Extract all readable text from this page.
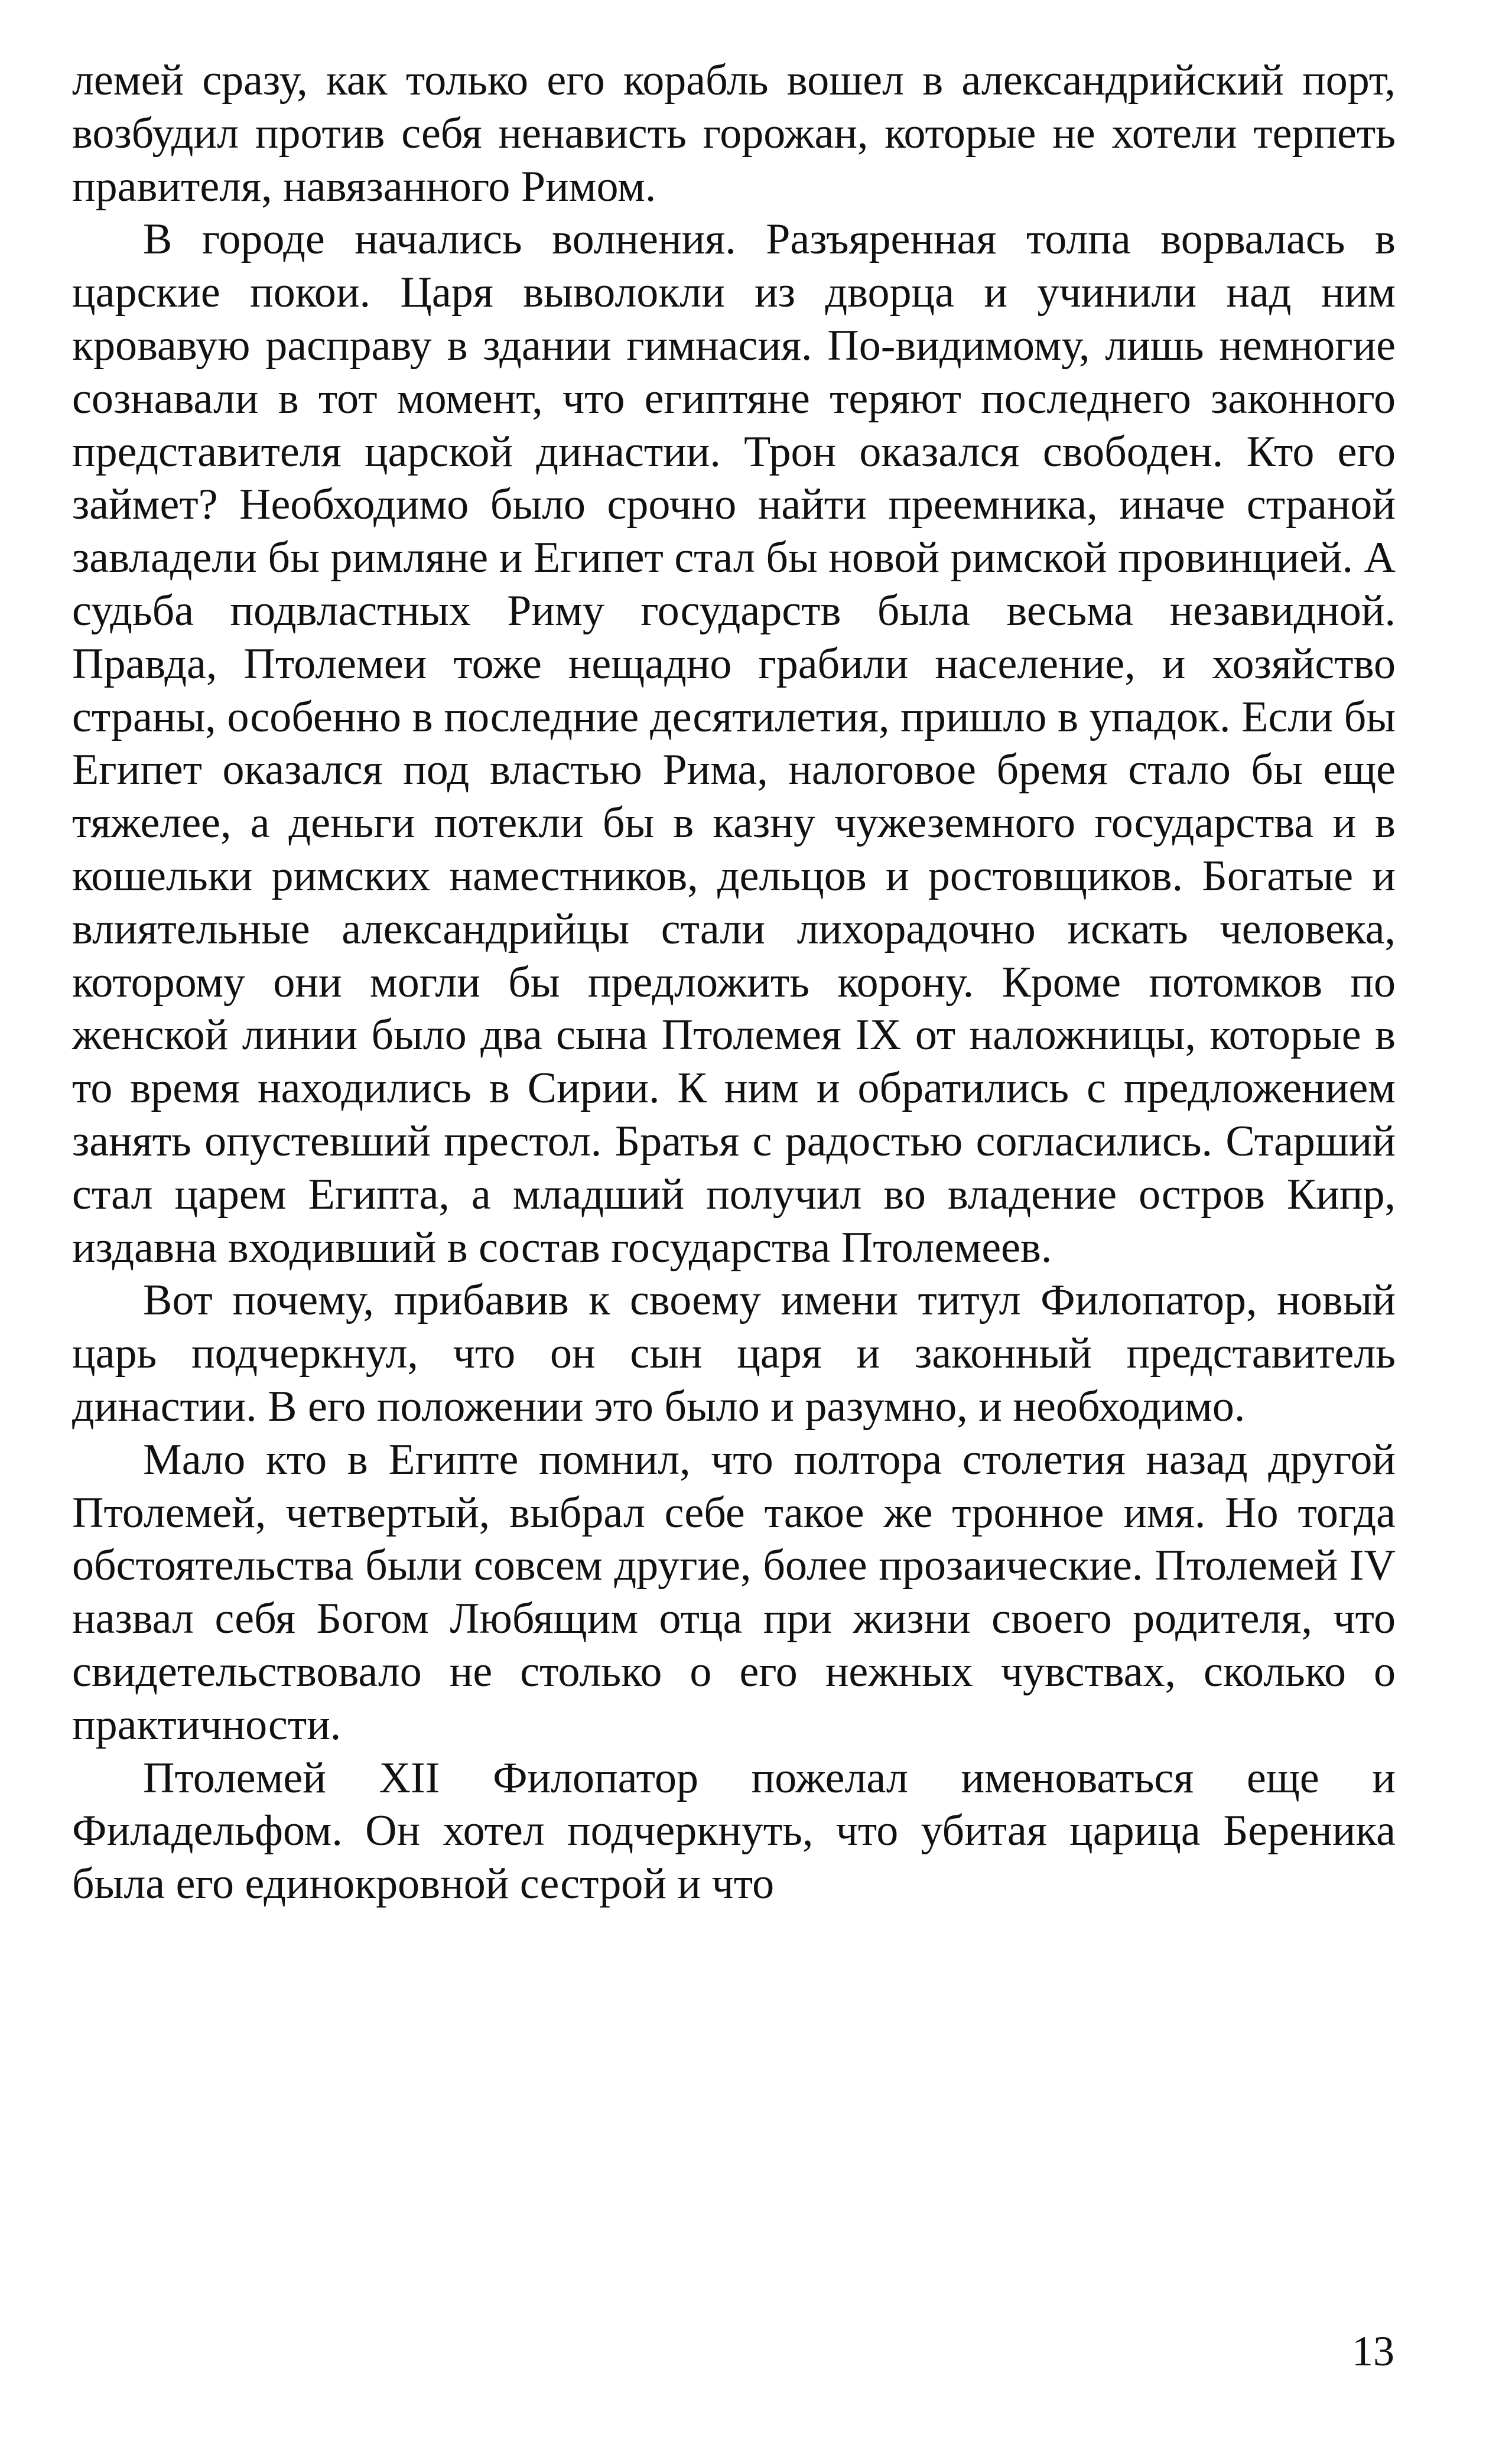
лемей сразу, как только его корабль вошел в александрийский порт, возбудил против себя ненависть горожан, которые не хотели терпеть правителя, навязанного Римом.

В городе начались волнения. Разъяренная толпа ворвалась в царские покои. Царя выволокли из дворца и учинили над ним кровавую расправу в здании гимнасия. По-видимому, лишь немногие сознавали в тот момент, что египтяне теряют последнего законного представителя царской династии. Трон оказался свободен. Кто его займет? Необходимо было срочно найти преемника, иначе страной завладели бы римляне и Египет стал бы новой римской провинцией. А судьба подвластных Риму государств была весьма незавидной. Правда, Птолемеи тоже нещадно грабили население, и хозяйство страны, особенно в последние десятилетия, пришло в упадок. Если бы Египет оказался под властью Рима, налоговое бремя стало бы еще тяжелее, а деньги потекли бы в казну чужеземного государства и в кошельки римских наместников, дельцов и ростовщиков. Богатые и влиятельные александрийцы стали лихорадочно искать человека, которому они могли бы предложить корону. Кроме потомков по женской линии было два сына Птолемея IX от наложницы, которые в то время находились в Сирии. К ним и обратились с предложением занять опустевший престол. Братья с радостью согласились. Старший стал царем Египта, а младший получил во владение остров Кипр, издавна входивший в состав государства Птолемеев.

Вот почему, прибавив к своему имени титул Филопатор, новый царь подчеркнул, что он сын царя и законный представитель династии. В его положении это было и разумно, и необходимо.

Мало кто в Египте помнил, что полтора столетия назад другой Птолемей, четвертый, выбрал себе такое же тронное имя. Но тогда обстоятельства были совсем другие, более прозаические. Птолемей IV назвал себя Богом Любящим отца при жизни своего родителя, что свидетельствовало не столько о его нежных чувствах, сколько о практичности.

Птолемей XII Филопатор пожелал именоваться еще и Филадельфом. Он хотел подчеркнуть, что убитая царица Береника была его единокровной сестрой и что

13
